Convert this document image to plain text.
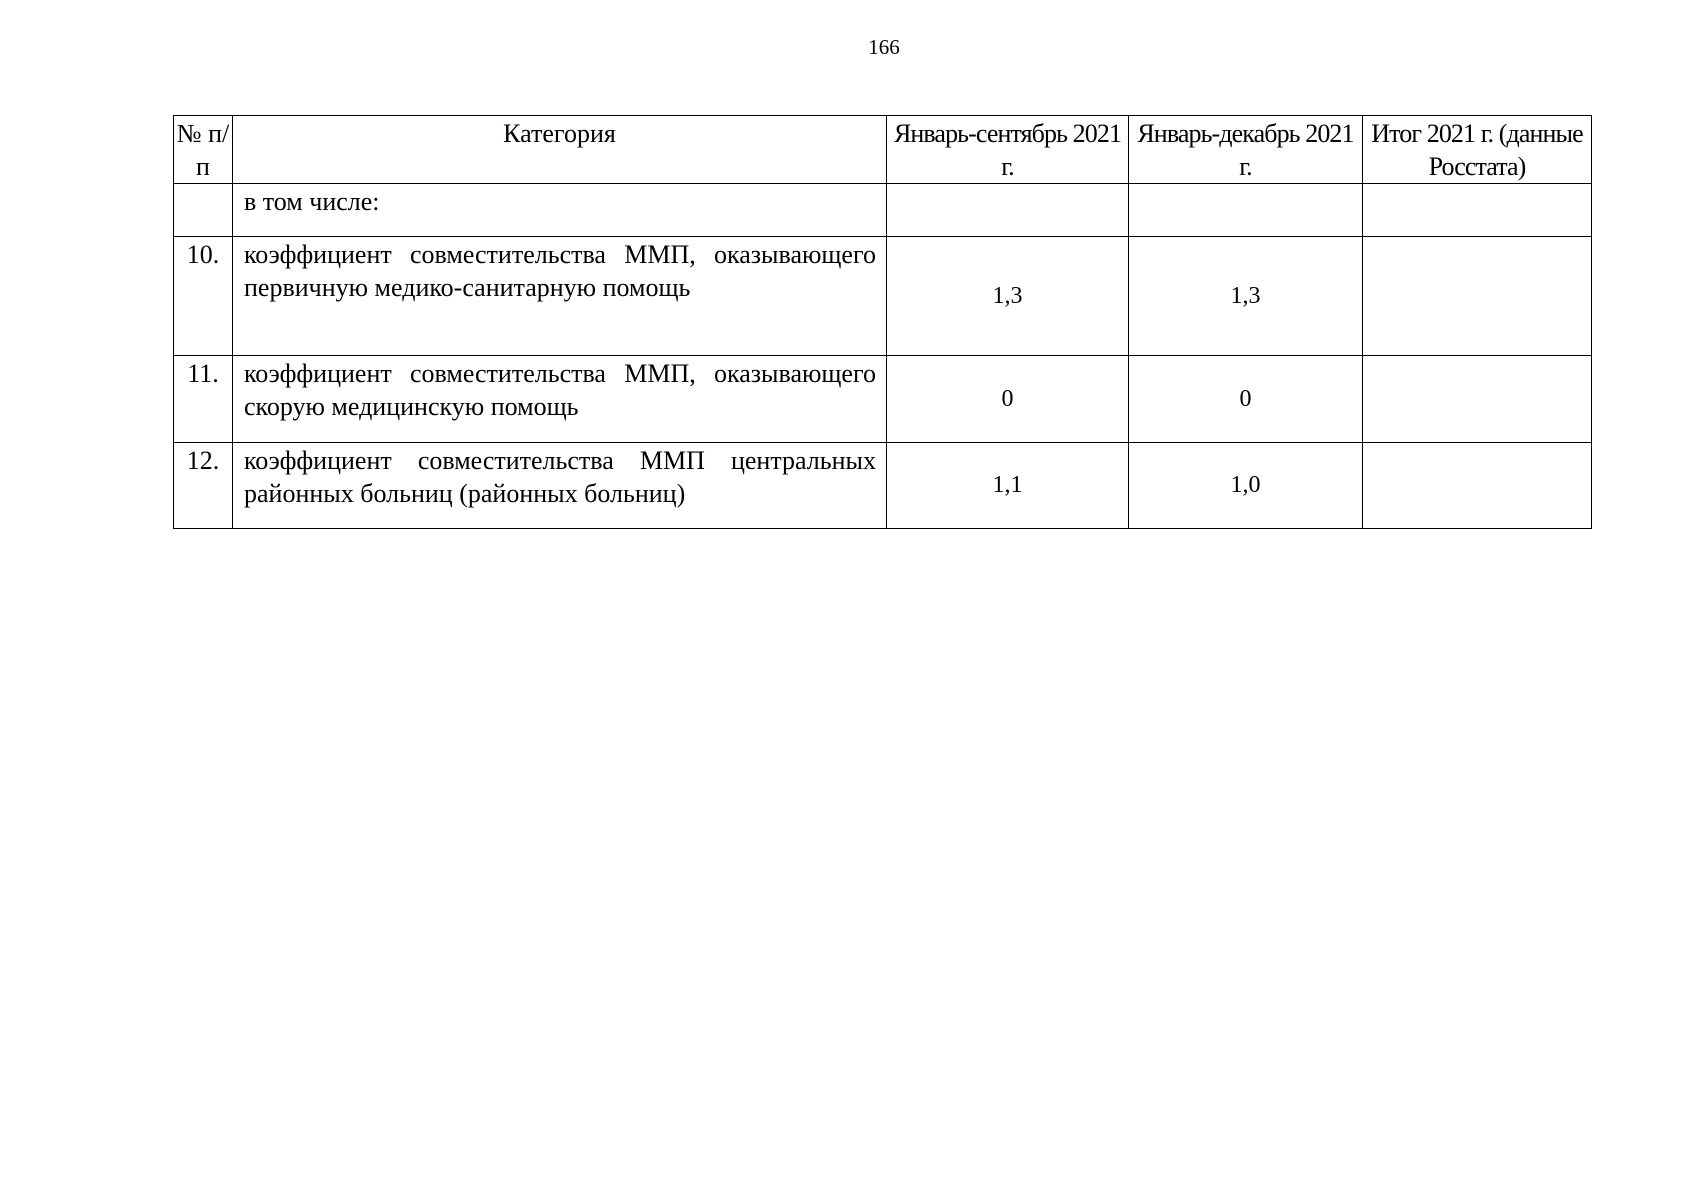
166
№ п/п	Категория	Январь-сентябрь 2021 г.	Январь-декабрь 2021 г.	Итог 2021 г. (данные Росстата)
	в том числе:			
10.	коэффициент совместительства ММП, оказывающего первичную медико-санитарную помощь	1,3	1,3	
11.	коэффициент совместительства ММП, оказывающего скорую медицинскую помощь	0	0	
12.	коэффициент совместительства ММП центральных районных больниц (районных больниц)	1,1	1,0	
